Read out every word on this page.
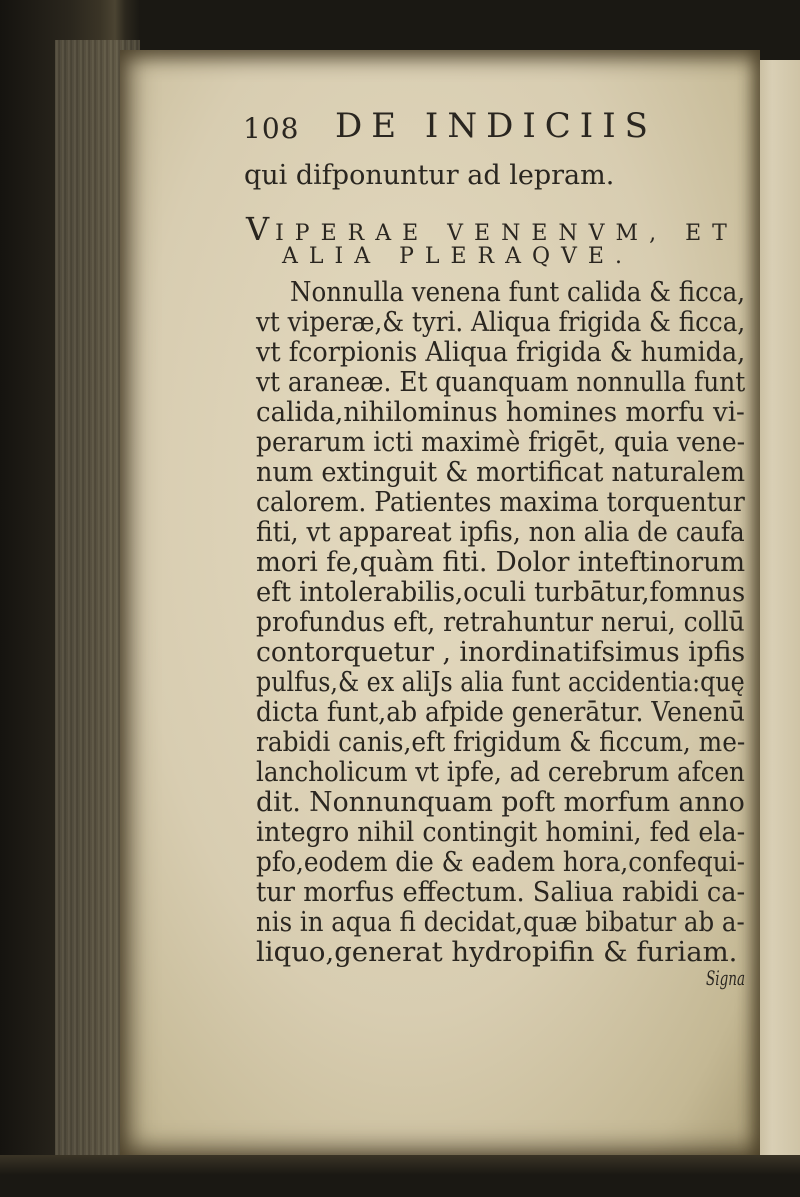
108 DE INDICIIS
qui difponuntur ad lepram.
VIPERAE VENENVM, ET
ALIA PLERAQVE.
Nonnulla venena funt calida & ficca,
vt viperæ,& tyri. Aliqua frigida & ficca,
vt fcorpionis Aliqua frigida & humida,
vt araneæ. Et quanquam nonnulla funt
calida,nihilominus homines morfu vi-
perarum icti maximè frigēt, quia vene-
num extinguit & mortificat naturalem
calorem. Patientes maxima torquentur
fiti, vt appareat ipfis, non alia de caufa
mori fe,quàm fiti. Dolor inteftinorum
eft intolerabilis,oculi turbātur,fomnus
profundus eft, retrahuntur nerui, collū
contorquetur , inordinatifsimus ipfis
pulfus,& ex aliJs alia funt accidentia:quę
dicta funt,ab afpide generātur. Venenū
rabidi canis,eft frigidum & ficcum, me-
lancholicum vt ipfe, ad cerebrum afcen
dit. Nonnunquam poft morfum anno
integro nihil contingit homini, fed ela-
pfo,eodem die & eadem hora,confequi-
tur morfus effectum. Saliua rabidi ca-
nis in aqua fi decidat,quæ bibatur ab a-
liquo,generat hydropifin & furiam.
Signa
